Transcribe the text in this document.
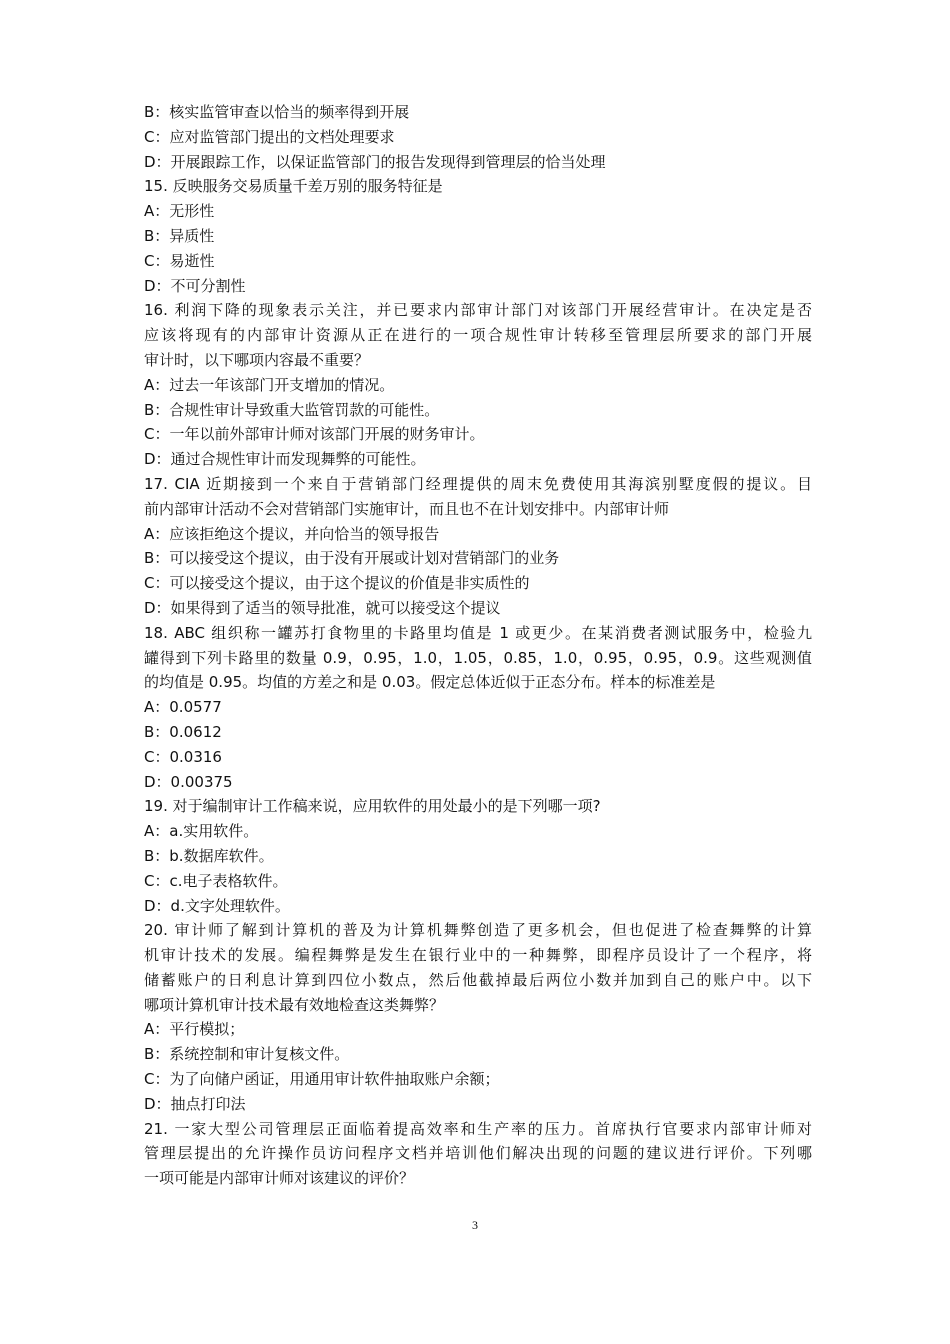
B：核实监管审查以恰当的频率得到开展
C：应对监管部门提出的文档处理要求
D：开展跟踪工作，以保证监管部门的报告发现得到管理层的恰当处理
15. 反映服务交易质量千差万别的服务特征是
A：无形性
B：异质性
C：易逝性
D：不可分割性
16. 利润下降的现象表示关注，并已要求内部审计部门对该部门开展经营审计。在决定是否
应该将现有的内部审计资源从正在进行的一项合规性审计转移至管理层所要求的部门开展
审计时，以下哪项内容最不重要？
A：过去一年该部门开支增加的情况。
B：合规性审计导致重大监管罚款的可能性。
C：一年以前外部审计师对该部门开展的财务审计。
D：通过合规性审计而发现舞弊的可能性。
17. CIA 近期接到一个来自于营销部门经理提供的周末免费使用其海滨别墅度假的提议。目
前内部审计活动不会对营销部门实施审计，而且也不在计划安排中。内部审计师
A：应该拒绝这个提议，并向恰当的领导报告
B：可以接受这个提议，由于没有开展或计划对营销部门的业务
C：可以接受这个提议，由于这个提议的价值是非实质性的
D：如果得到了适当的领导批准，就可以接受这个提议
18. ABC 组织称一罐苏打食物里的卡路里均值是 1 或更少。在某消费者测试服务中，检验九
罐得到下列卡路里的数量 0.9，0.95，1.0，1.05，0.85，1.0，0.95，0.95，0.9。这些观测值
的均值是 0.95。均值的方差之和是 0.03。假定总体近似于正态分布。样本的标准差是
A：0.0577
B：0.0612
C：0.0316
D：0.00375
19. 对于编制审计工作稿来说，应用软件的用处最小的是下列哪一项?
A：a.实用软件。
B：b.数据库软件。
C：c.电子表格软件。
D：d.文字处理软件。
20. 审计师了解到计算机的普及为计算机舞弊创造了更多机会，但也促进了检查舞弊的计算
机审计技术的发展。编程舞弊是发生在银行业中的一种舞弊，即程序员设计了一个程序，将
储蓄账户的日利息计算到四位小数点，然后他截掉最后两位小数并加到自己的账户中。以下
哪项计算机审计技术最有效地检查这类舞弊？
A：平行模拟；
B：系统控制和审计复核文件。
C：为了向储户函证，用通用审计软件抽取账户余额；
D：抽点打印法
21. 一家大型公司管理层正面临着提高效率和生产率的压力。首席执行官要求内部审计师对
管理层提出的允许操作员访问程序文档并培训他们解决出现的问题的建议进行评价。下列哪
一项可能是内部审计师对该建议的评价？
3
